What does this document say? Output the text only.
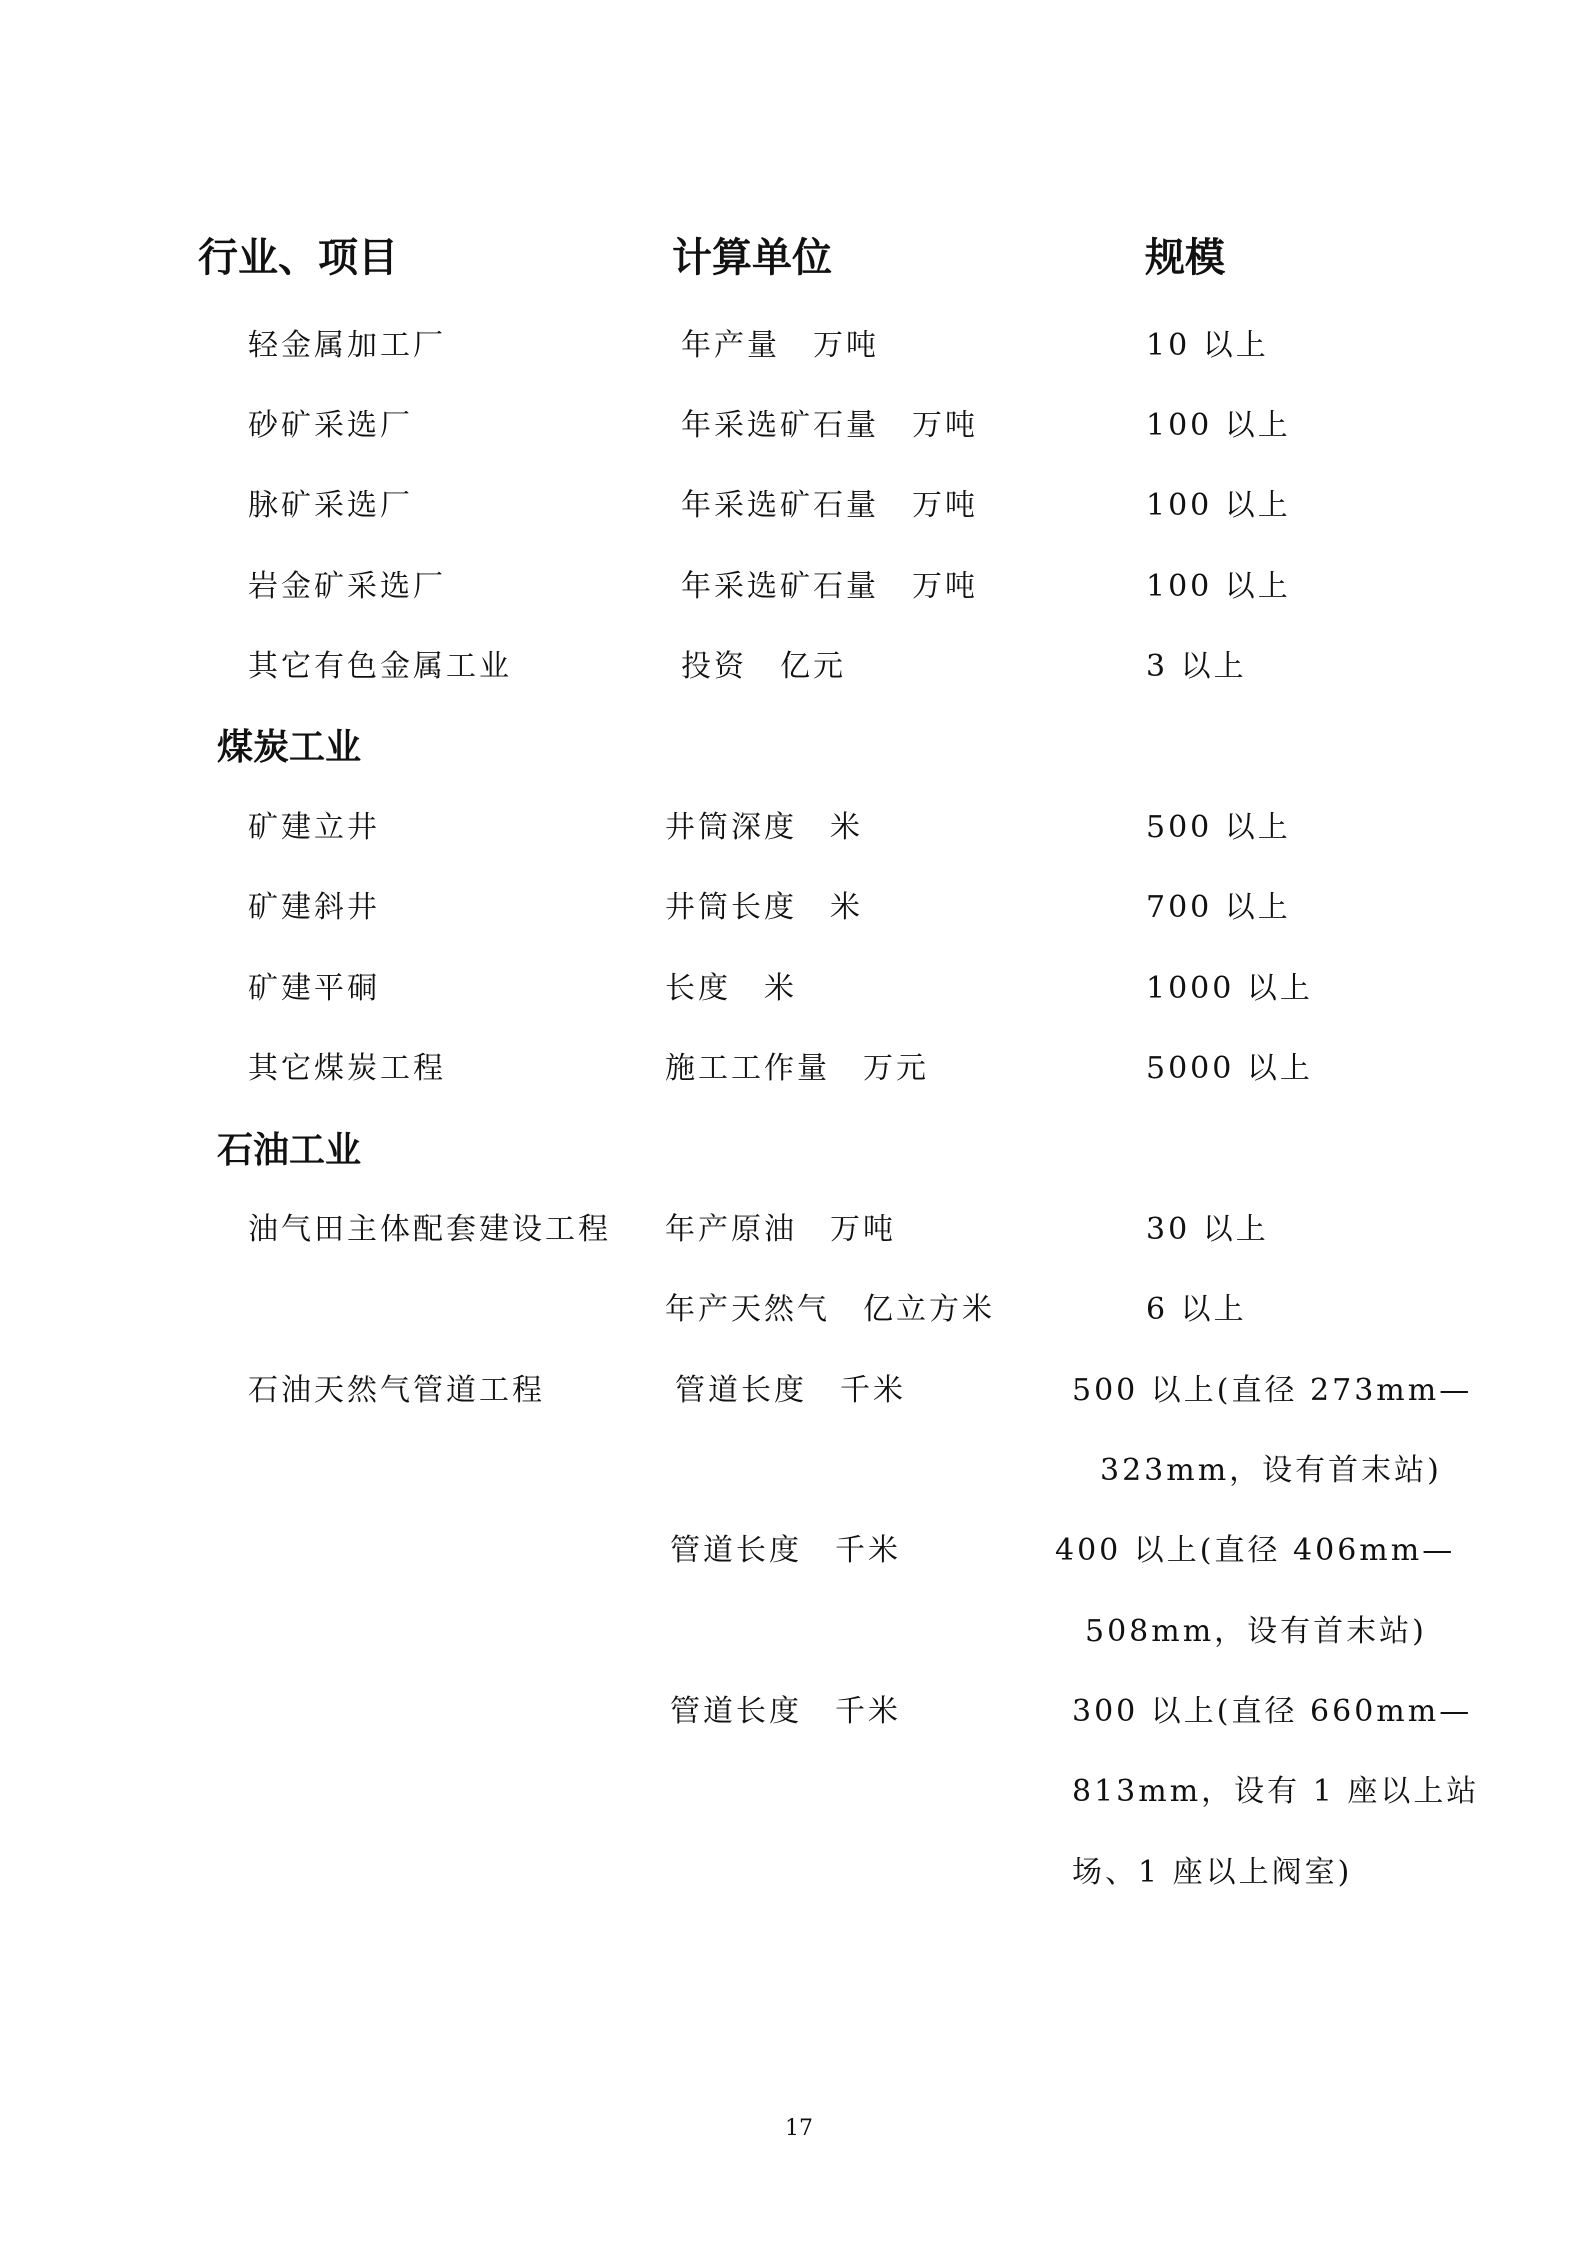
行业、项目	计算单位	规模
轻金属加工厂	年产量　万吨	10 以上
砂矿采选厂	年采选矿石量　万吨	100 以上
脉矿采选厂	年采选矿石量　万吨	100 以上
岩金矿采选厂	年采选矿石量　万吨	100 以上
其它有色金属工业	投资　亿元	3 以上
煤炭工业
矿建立井	井筒深度　米	500 以上
矿建斜井	井筒长度　米	700 以上
矿建平硐	长度　米	1000 以上
其它煤炭工程	施工工作量　万元	5000 以上
石油工业
油气田主体配套建设工程 年产原油　万吨	30 以上
年产天然气　亿立方米	6 以上
石油天然气管道工程	管道长度　千米	500 以上(直径 273mm—
323mm，设有首末站)
管道长度　千米	400 以上(直径 406mm—
508mm，设有首末站)
管道长度　千米	300 以上(直径 660mm—
813mm，设有 1 座以上站
场、1 座以上阀室)
17
